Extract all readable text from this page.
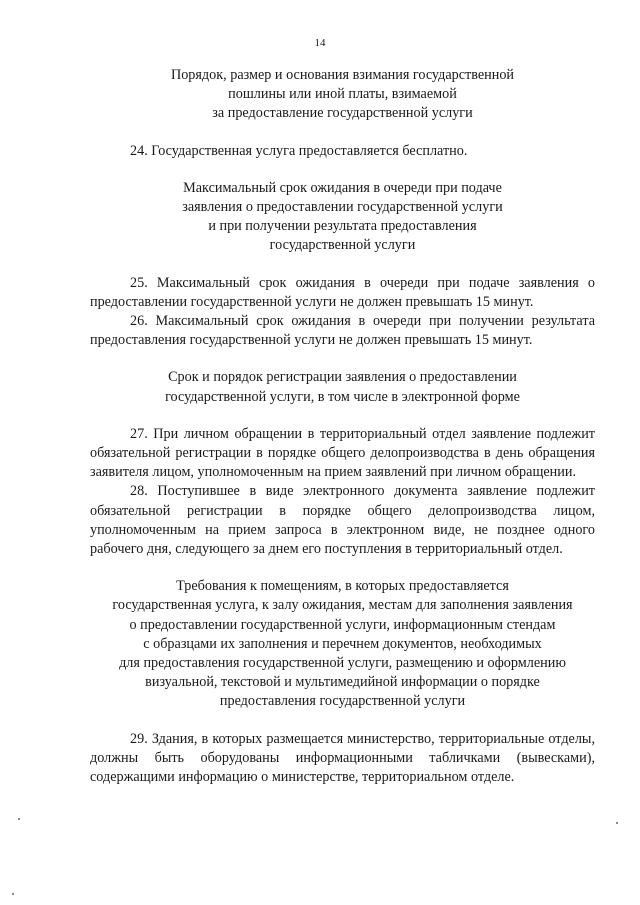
14
Порядок, размер и основания взимания государственной
пошлины или иной платы, взимаемой
за предоставление государственной услуги

24. Государственная услуга предоставляется бесплатно.

Максимальный срок ожидания в очереди при подаче
заявления о предоставлении государственной услуги
и при получении результата предоставления
государственной услуги

25. Максимальный срок ожидания в очереди при подаче заявления о предоставлении государственной услуги не должен превышать 15 минут.

26. Максимальный срок ожидания в очереди при получении результата предоставления государственной услуги не должен превышать 15 минут.

Срок и порядок регистрации заявления о предоставлении
государственной услуги, в том числе в электронной форме

27. При личном обращении в территориальный отдел заявление подлежит обязательной регистрации в порядке общего делопроизводства в день обращения заявителя лицом, уполномоченным на прием заявлений при личном обращении.

28. Поступившее в виде электронного документа заявление подлежит обязательной регистрации в порядке общего делопроизводства лицом, уполномоченным на прием запроса в электронном виде, не позднее одного рабочего дня, следующего за днем его поступления в территориальный отдел.

Требования к помещениям, в которых предоставляется
государственная услуга, к залу ожидания, местам для заполнения заявления
о предоставлении государственной услуги, информационным стендам
с образцами их заполнения и перечнем документов, необходимых
для предоставления государственной услуги, размещению и оформлению
визуальной, текстовой и мультимедийной информации о порядке
предоставления государственной услуги

29. Здания, в которых размещается министерство, территориальные отделы, должны быть оборудованы информационными табличками (вывесками), содержащими информацию о министерстве, территориальном отделе.
